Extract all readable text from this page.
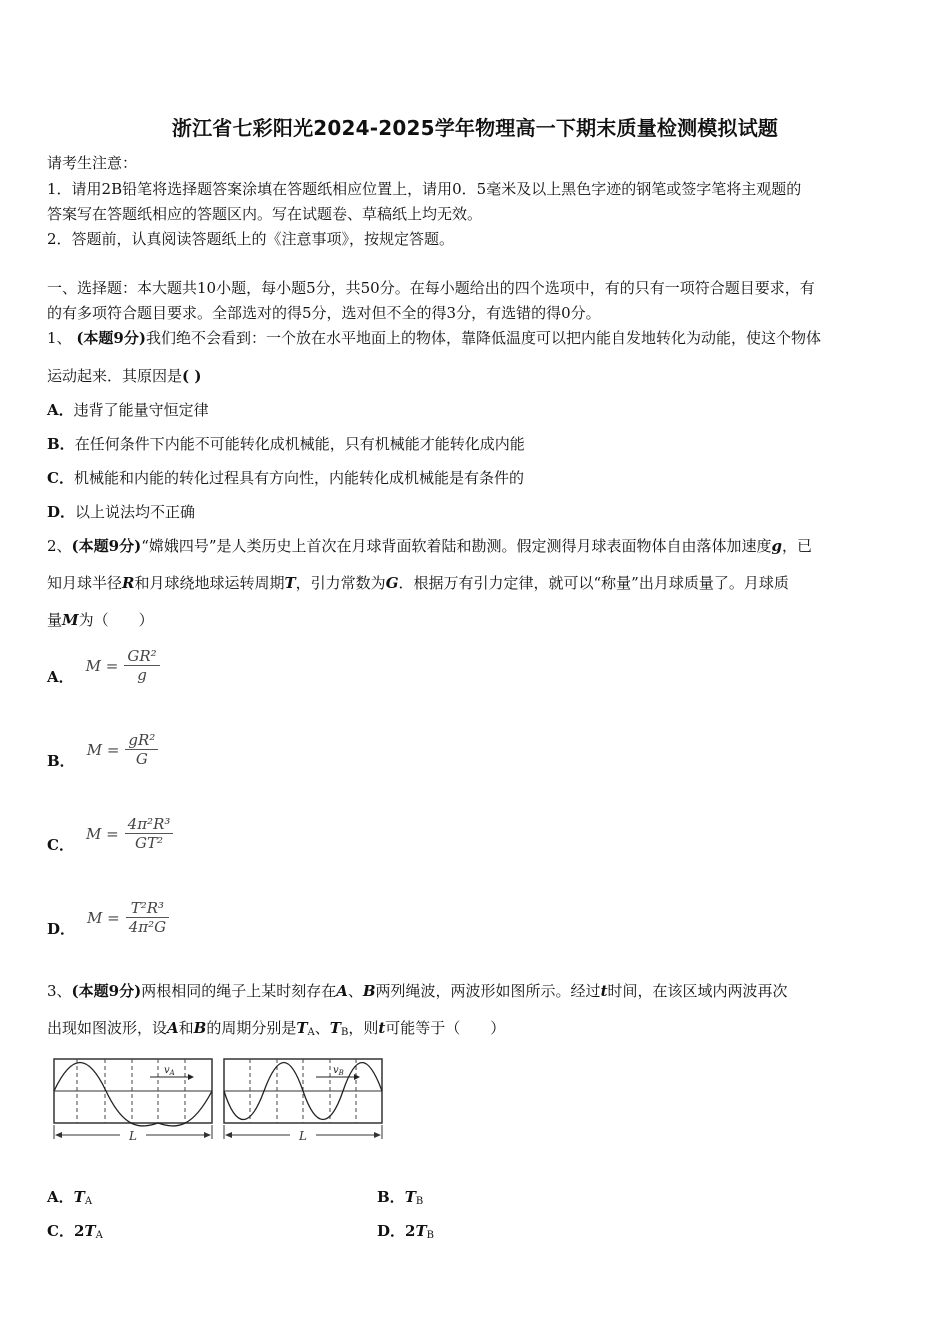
浙江省七彩阳光2024-2025学年物理高一下期末质量检测模拟试题
请考生注意：
1．请用2B铅笔将选择题答案涂填在答题纸相应位置上，请用0．5毫米及以上黑色字迹的钢笔或签字笔将主观题的
答案写在答题纸相应的答题区内。写在试题卷、草稿纸上均无效。
2．答题前，认真阅读答题纸上的《注意事项》，按规定答题。
一、选择题：本大题共10小题，每小题5分，共50分。在每小题给出的四个选项中，有的只有一项符合题目要求，有
的有多项符合题目要求。全部选对的得5分，选对但不全的得3分，有选错的得0分。
1、 (本题9分)我们绝不会看到：一个放在水平地面上的物体，靠降低温度可以把内能自发地转化为动能，使这个物体
运动起来．其原因是( )
A．违背了能量守恒定律
B．在任何条件下内能不可能转化成机械能，只有机械能才能转化成内能
C．机械能和内能的转化过程具有方向性，内能转化成机械能是有条件的
D．以上说法均不正确
2、(本题9分)“嫦娥四号”是人类历史上首次在月球背面软着陆和勘测。假定测得月球表面物体自由落体加速度g，已
知月球半径R和月球绕地球运转周期T，引力常数为G．根据万有引力定律，就可以“称量”出月球质量了。月球质
量M为（　　）
A．
$M = \frac{\text{GR²}}{g}$
B．
$M = \frac{\text{gR²}}{G}$
C．
$M = \frac{\text{4π²R³}}{\text{GT²}}$
D．
$M = \frac{\text{T²R³}}{\text{4π²G}}$
3、(本题9分)两根相同的绳子上某时刻存在A、B两列绳波，两波形如图所示。经过t时间，在该区域内两波再次
出现如图波形，设A和B的周期分别是$T_A$、$T_B$，则t可能等于（　　）
$v_A$
L
$v_B$
L
A．$T_A$	B．$T_B$
C．$2T_A$	D．$2T_B$
